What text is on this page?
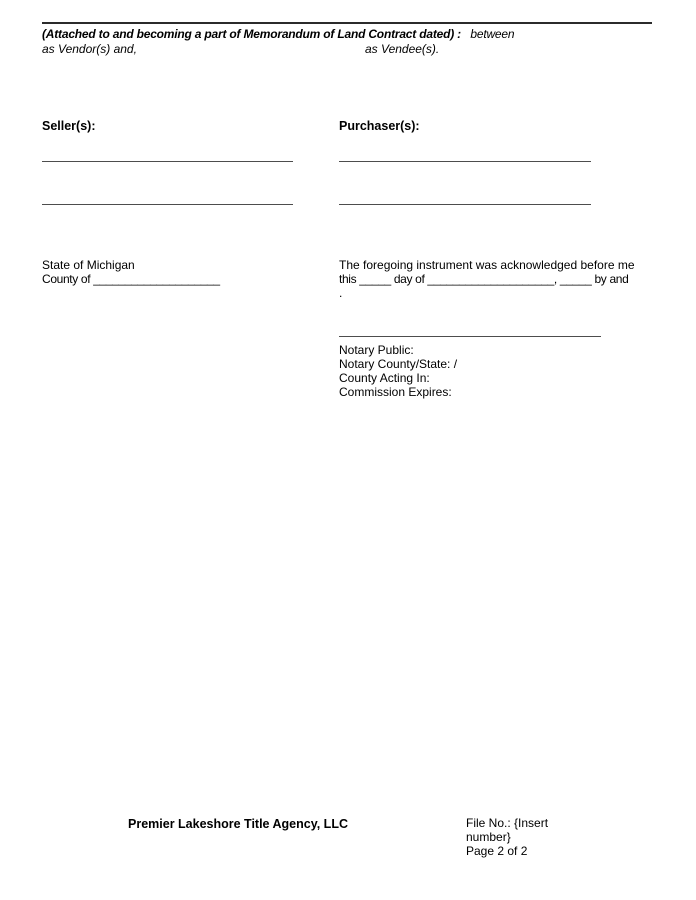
(Attached to and becoming a part of Memorandum of Land Contract dated) : between
as Vendor(s) and,	as Vendee(s).
Seller(s):	Purchaser(s):
State of Michigan
County of ____________________
The foregoing instrument was acknowledged before me
this _____ day of ____________________, _____ by and
.
Notary Public:
Notary County/State: /
County Acting In:
Commission Expires:
Premier Lakeshore Title Agency, LLC	File No.: {Insert number}
Page 2 of 2
